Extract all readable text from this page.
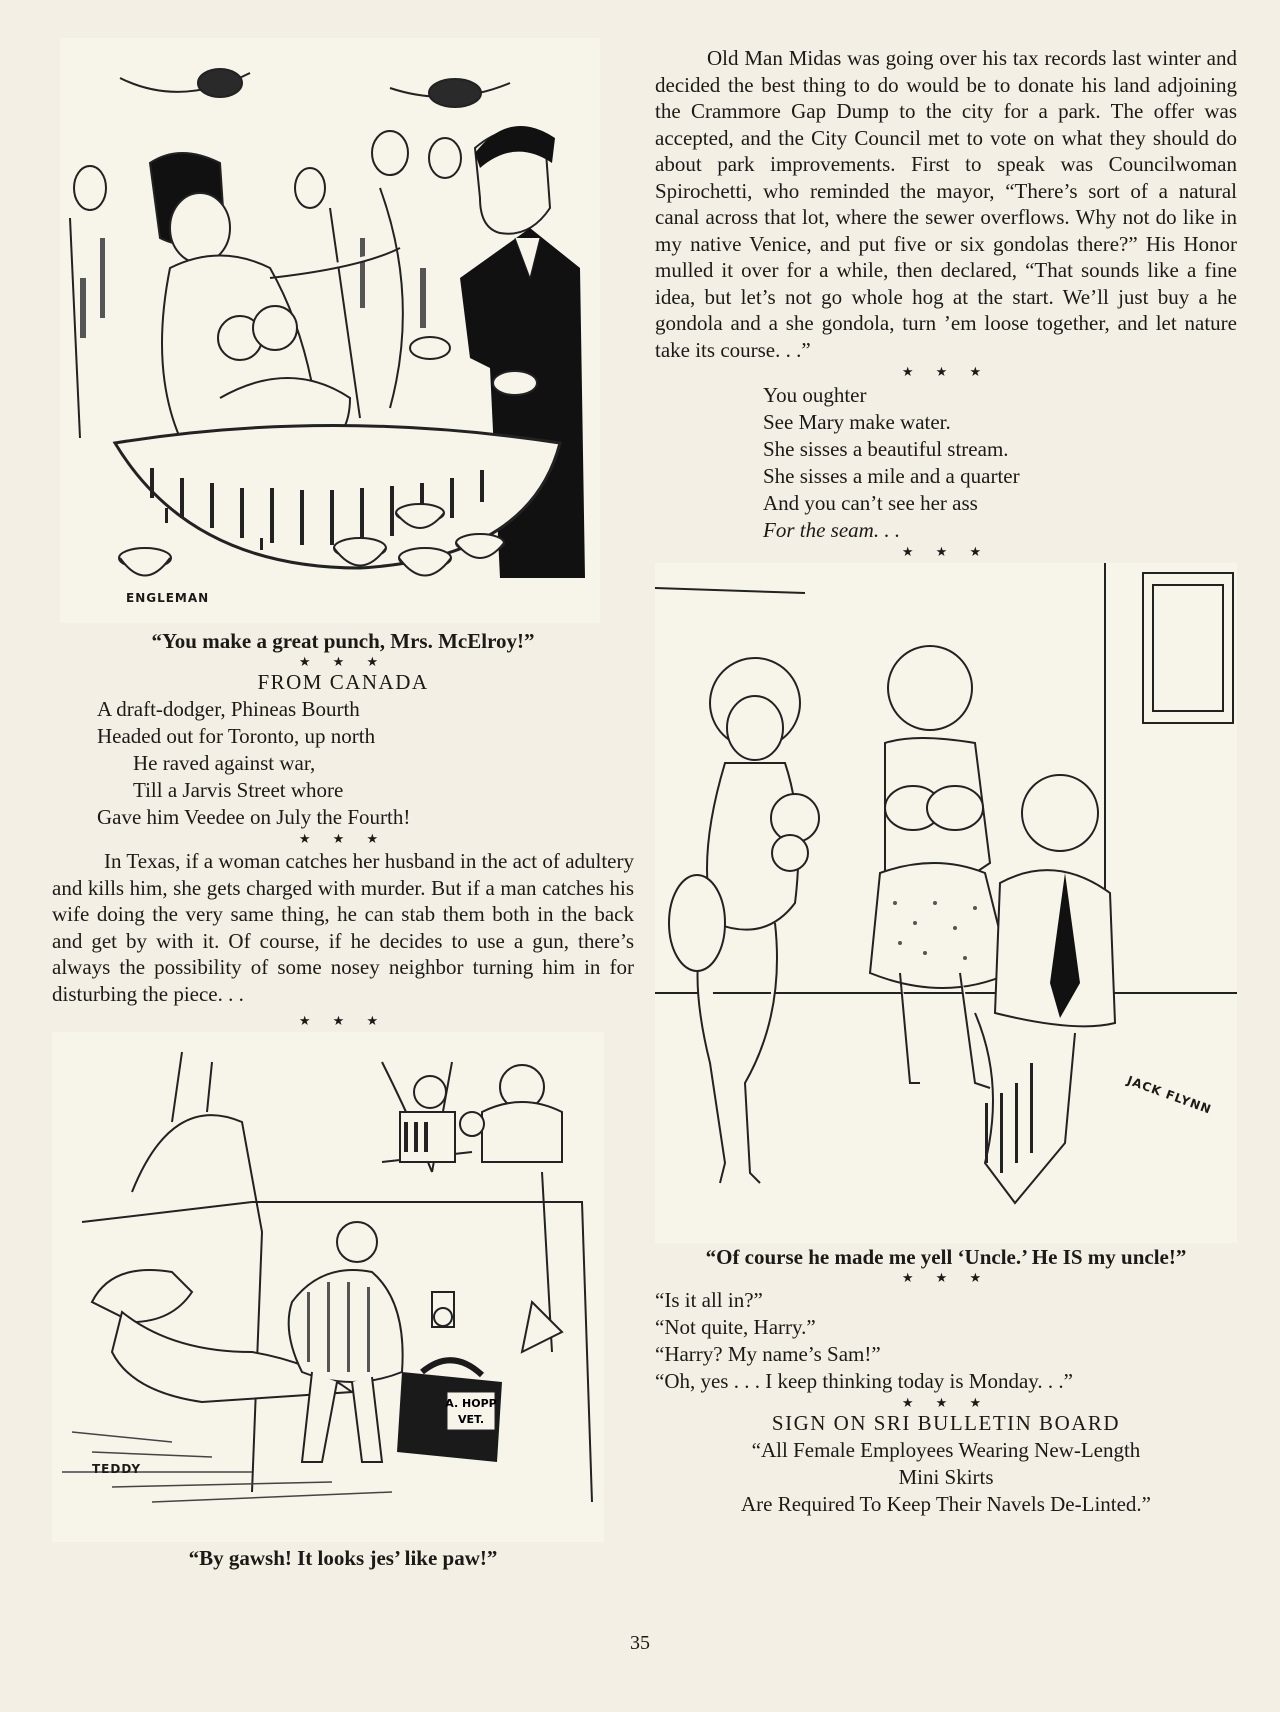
ENGLEMAN
“You make a great punch, Mrs. McElroy!”
★ ★ ★
FROM CANADA
A draft-dodger, Phineas Bourth
Headed out for Toronto, up north
He raved against war,
Till a Jarvis Street whore
Gave him Veedee on July the Fourth!
★ ★ ★

In Texas, if a woman catches her husband in the act of adultery and kills him, she gets charged with murder. But if a man catches his wife doing the very same thing, he can stab them both in the back and get by with it. Of course, if he decides to use a gun, there’s always the possibility of some nosey neighbor turning him in for disturbing the piece. . .

★ ★ ★
A. HOPP
VET.
TEDDY
“By gawsh! It looks jes’ like paw!”

Old Man Midas was going over his tax records last winter and decided the best thing to do would be to donate his land adjoining the Crammore Gap Dump to the city for a park. The offer was accepted, and the City Council met to vote on what they should do about park improvements. First to speak was Councilwoman Spirochetti, who reminded the mayor, “There’s sort of a natural canal across that lot, where the sewer overflows. Why not do like in my native Venice, and put five or six gondolas there?” His Honor mulled it over for a while, then declared, “That sounds like a fine idea, but let’s not go whole hog at the start. We’ll just buy a he gondola and a she gondola, turn ’em loose together, and let nature take its course. . .”

★ ★ ★
You oughter
See Mary make water.
She sisses a beautiful stream.
She sisses a mile and a quarter
And you can’t see her ass
For the seam. . .
★ ★ ★
JACK FLYNN
“Of course he made me yell ‘Uncle.’ He IS my uncle!”
★ ★ ★
“Is it all in?”
“Not quite, Harry.”
“Harry? My name’s Sam!”
“Oh, yes . . . I keep thinking today is Monday. . .”
★ ★ ★
SIGN ON SRI BULLETIN BOARD
“All Female Employees Wearing New-Length
Mini Skirts
Are Required To Keep Their Navels De-Linted.”
35
